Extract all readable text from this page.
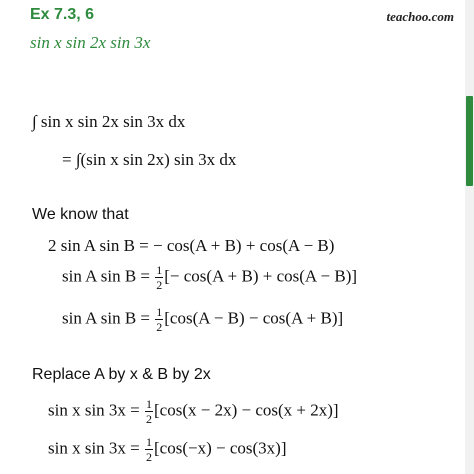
Ex 7.3, 6
sin x sin 2x sin 3x
teachoo.com
∫ sin x sin 2x sin 3x dx
= ∫(sin x sin 2x) sin 3x dx
We know that
2 sin A sin B = − cos(A + B) + cos(A − B)
sin A $\sin B = \frac{1}{2}$ [− cos(A + B) + cos(A − B)]
sin A $\sin B = \frac{1}{2} [\cos(A - B) - \cos(A + B)]$
Replace A by x & B by 2x
sin x $\sin 3x = \frac{1}{2} [\cos(x - 2x) - \cos(x + 2x)]$
sin x $\sin 3x = \frac{1}{2} [\cos(-x) - \cos(3x)]$
